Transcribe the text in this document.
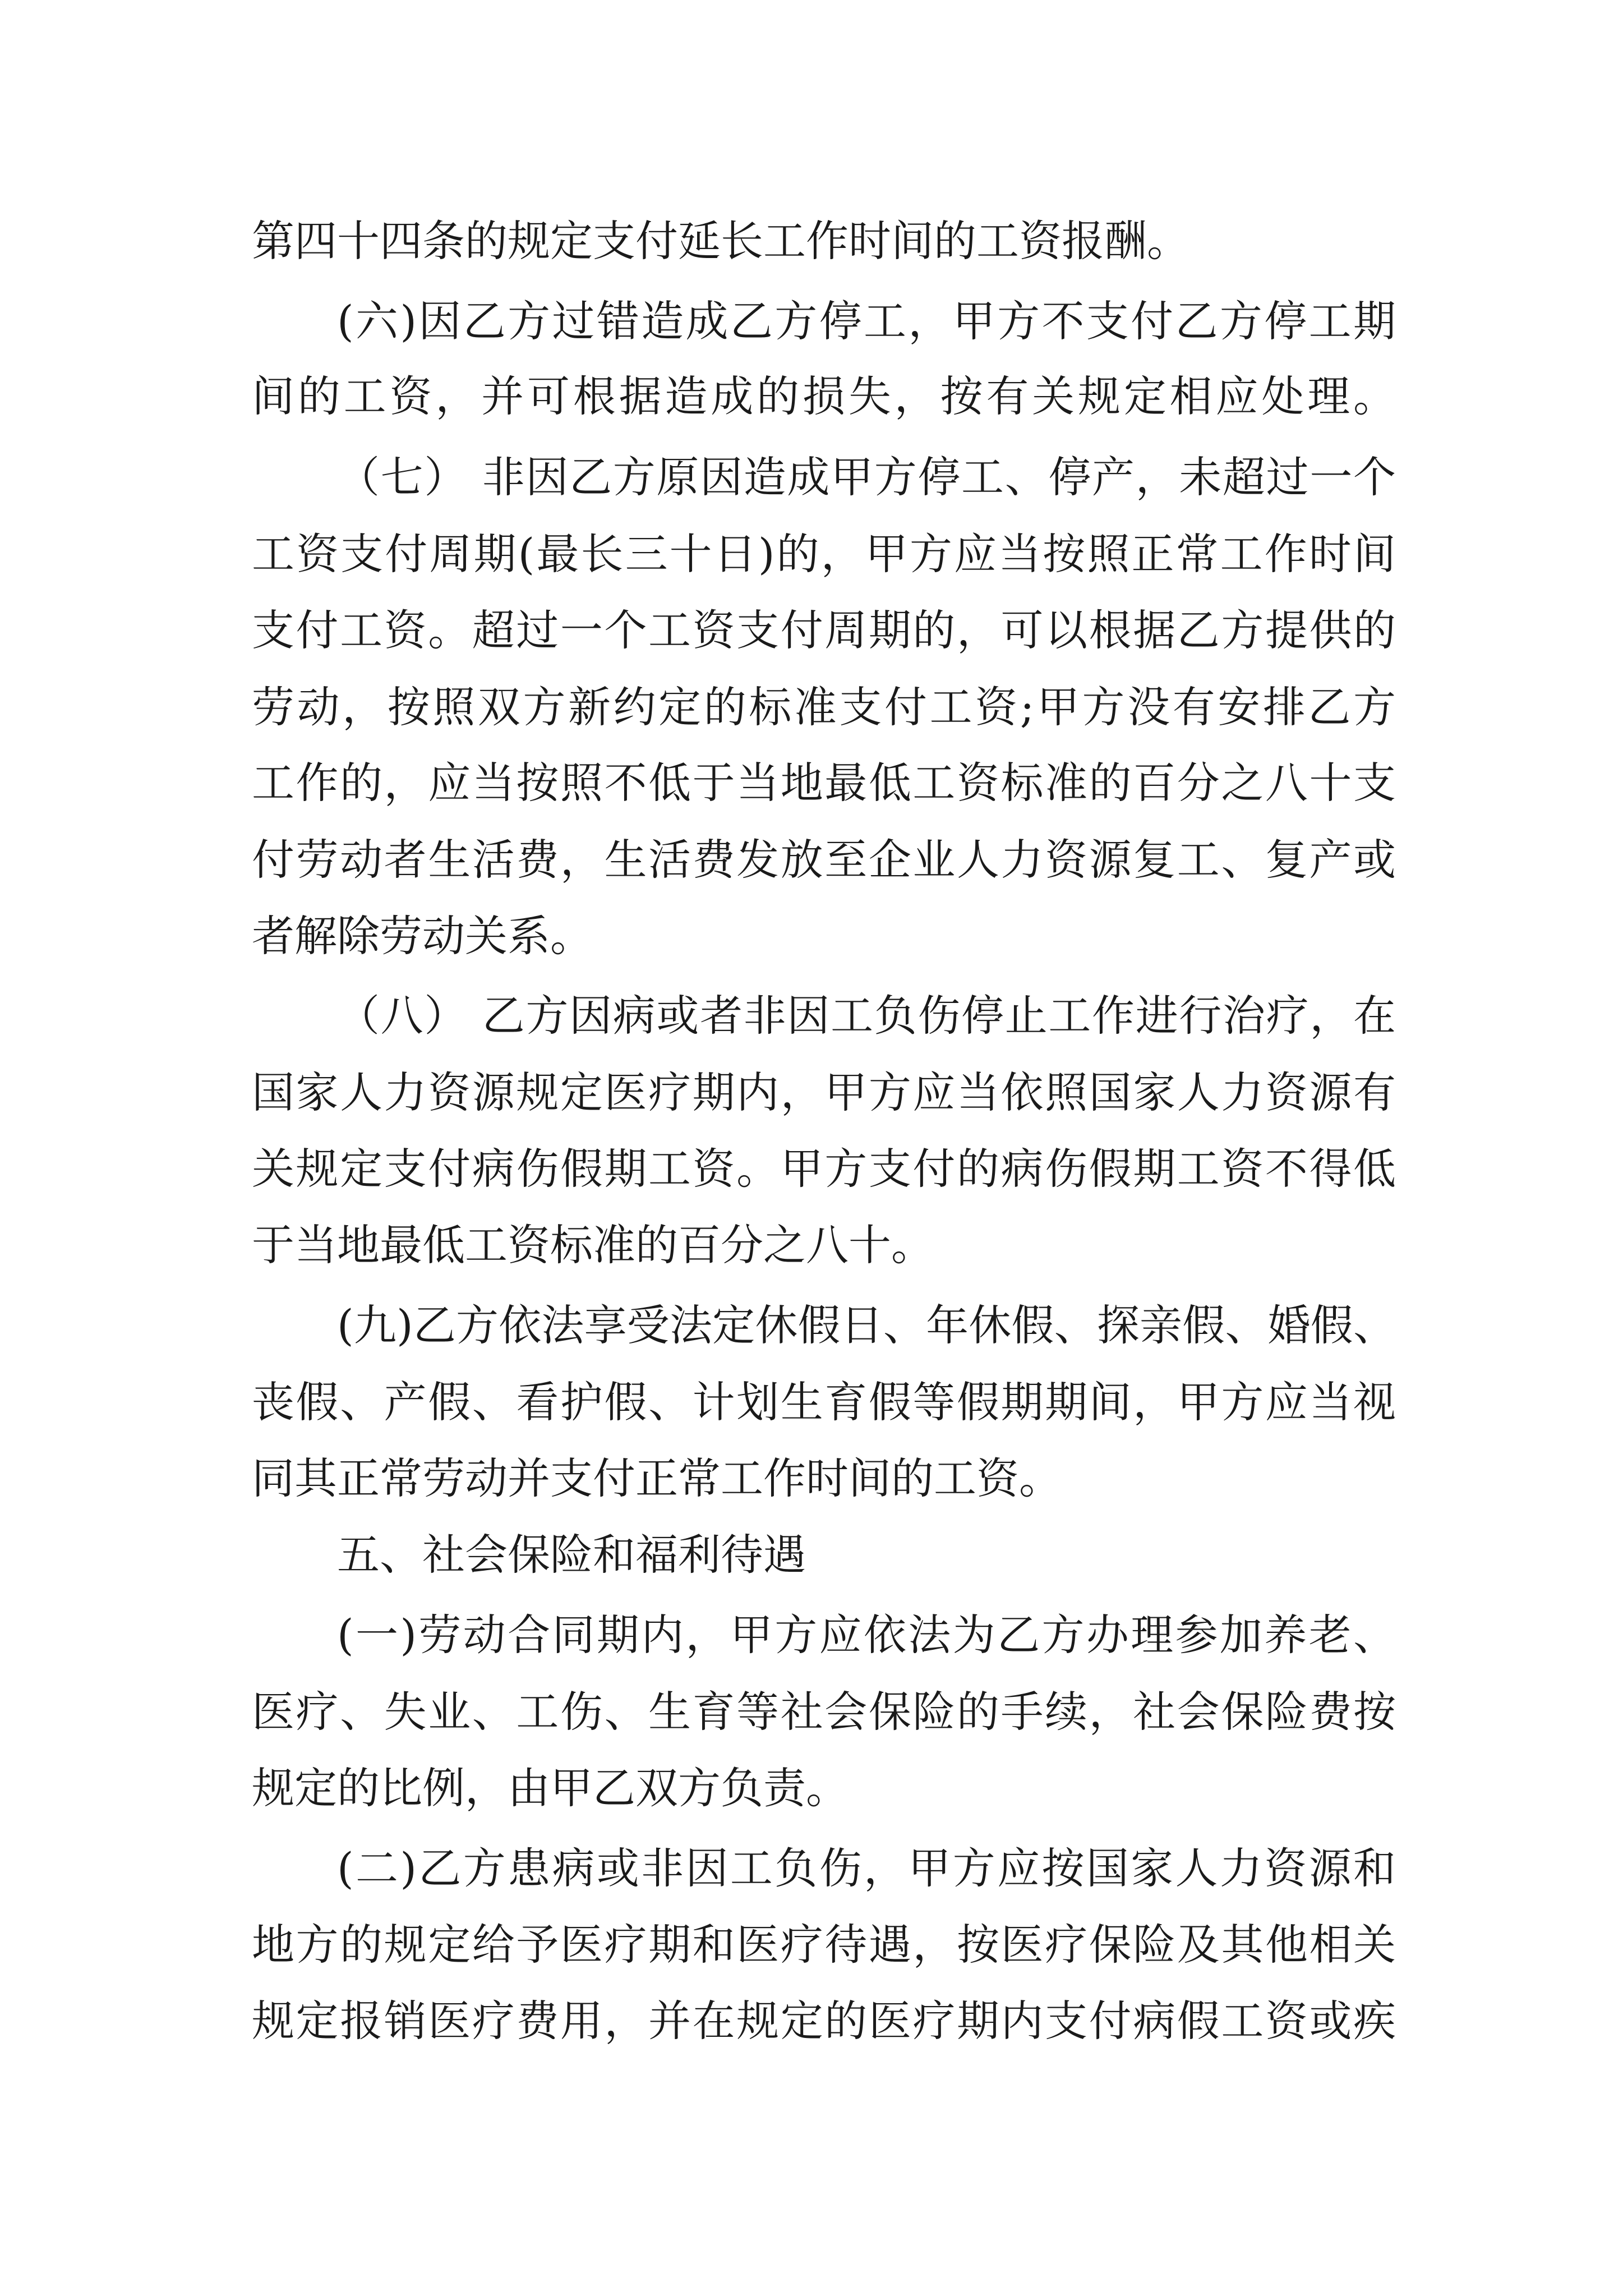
第四十四条的规定支付延长工作时间的工资报酬。

(六)因乙方过错造成乙方停工，甲方不支付乙方停工期

间的工资，并可根据造成的损失，按有关规定相应处理。

（七） 非因乙方原因造成甲方停工、停产，未超过一个

工资支付周期(最长三十日)的，甲方应当按照正常工作时间

支付工资。超过一个工资支付周期的，可以根据乙方提供的

劳动，按照双方新约定的标准支付工资;甲方没有安排乙方

工作的，应当按照不低于当地最低工资标准的百分之八十支

付劳动者生活费，生活费发放至企业人力资源复工、复产或

者解除劳动关系。

（八） 乙方因病或者非因工负伤停止工作进行治疗，在

国家人力资源规定医疗期内，甲方应当依照国家人力资源有

关规定支付病伤假期工资。甲方支付的病伤假期工资不得低

于当地最低工资标准的百分之八十。

(九)乙方依法享受法定休假日、年休假、探亲假、婚假、

丧假、产假、看护假、计划生育假等假期期间，甲方应当视

同其正常劳动并支付正常工作时间的工资。

五、社会保险和福利待遇

(一)劳动合同期内，甲方应依法为乙方办理参加养老、

医疗、失业、工伤、生育等社会保险的手续，社会保险费按

规定的比例，由甲乙双方负责。

(二)乙方患病或非因工负伤，甲方应按国家人力资源和

地方的规定给予医疗期和医疗待遇，按医疗保险及其他相关

规定报销医疗费用，并在规定的医疗期内支付病假工资或疾
